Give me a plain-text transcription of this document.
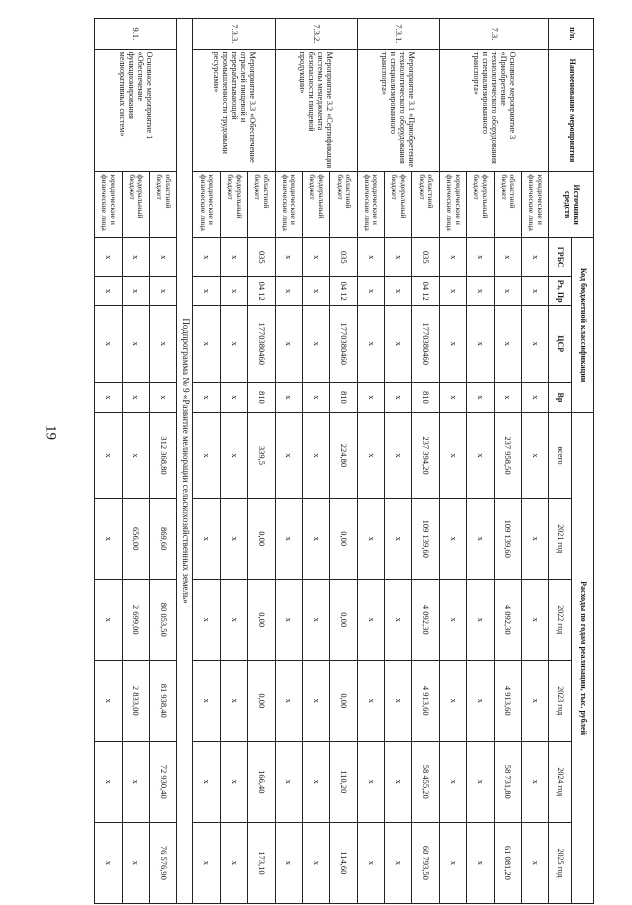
19
п/п.	Наименование мероприятия	Источники средств	Код бюджетной классификации				Расходы по годам реализации, тыс. рублей					
			ГРБС	Рз, Пр	ЦСР	Вр	всего	2021 год	2022 год	2023 год	2024 год	2025 год
7.3.	Основное мероприятие 3 «Приобретение технологического оборудования и специализированного транспорта»	юридические и физические лица	х	х	х	х	х	х	х	х	х	х
		областной бюджет	х	х	х	х	237 958,50	109 139,60	4 092,30	4 913,60	58 731,80	61 081,20
		федеральный бюджет	х	х	х	х	х	х	х	х	х	х
		юридические и физические лица	х	х	х	х	х	х	х	х	х	х
7.3.1.	Мероприятие 3.1 «Приобретение технологического оборудования и специализированного транспорта»	областной бюджет	035	04 12	1770380460	810	237 394,20	109 139,60	4 092,30	4 913,60	58 455,20	60 793,50
		федеральный бюджет	х	х	х	х	х	х	х	х	х	х
		юридические и физические лица	х	х	х	х	х	х	х	х	х	х
7.3.2.	Мероприятие 3.2 «Сертификация системы менеджмента безопасности пищевой продукции»	областной бюджет	035	04 12	1770380460	810	224,80	0,00	0,00	0,00	110,20	114,60
		федеральный бюджет	х	х	х	х	х	х	х	х	х	х
		юридические и физические лица	х	х	х	х	х	х	х	х	х	х
7.3.3.	Мероприятие 3.3 «Обеспечение отраслей пищевой и перерабатывающей промышленности трудовыми ресурсами»	областной бюджет	035	04 12	1770380460	810	339,5	0,00	0,00	0,00	166,40	173,10
		федеральный бюджет	х	х	х	х	х	х	х	х	х	х
		юридические и физические лица	х	х	х	х	х	х	х	х	х	х
Подпрограмма № 9 «Развитие мелиорации сельскохозяйственных земель»												
9.1.	Основное мероприятие 1 «Обеспечение функционирования мелиоративных систем»	областной бюджет	х	х	х	х	312 368,80	869,60	80 053,50	81 938,40	72 930,40	76 576,90
		федеральный бюджет	х	х	х	х	х	656,00	2 699,00	2 833,00	х	х
		юридические и физические лица	х	х	х	х	х	х	х	х	х	х
